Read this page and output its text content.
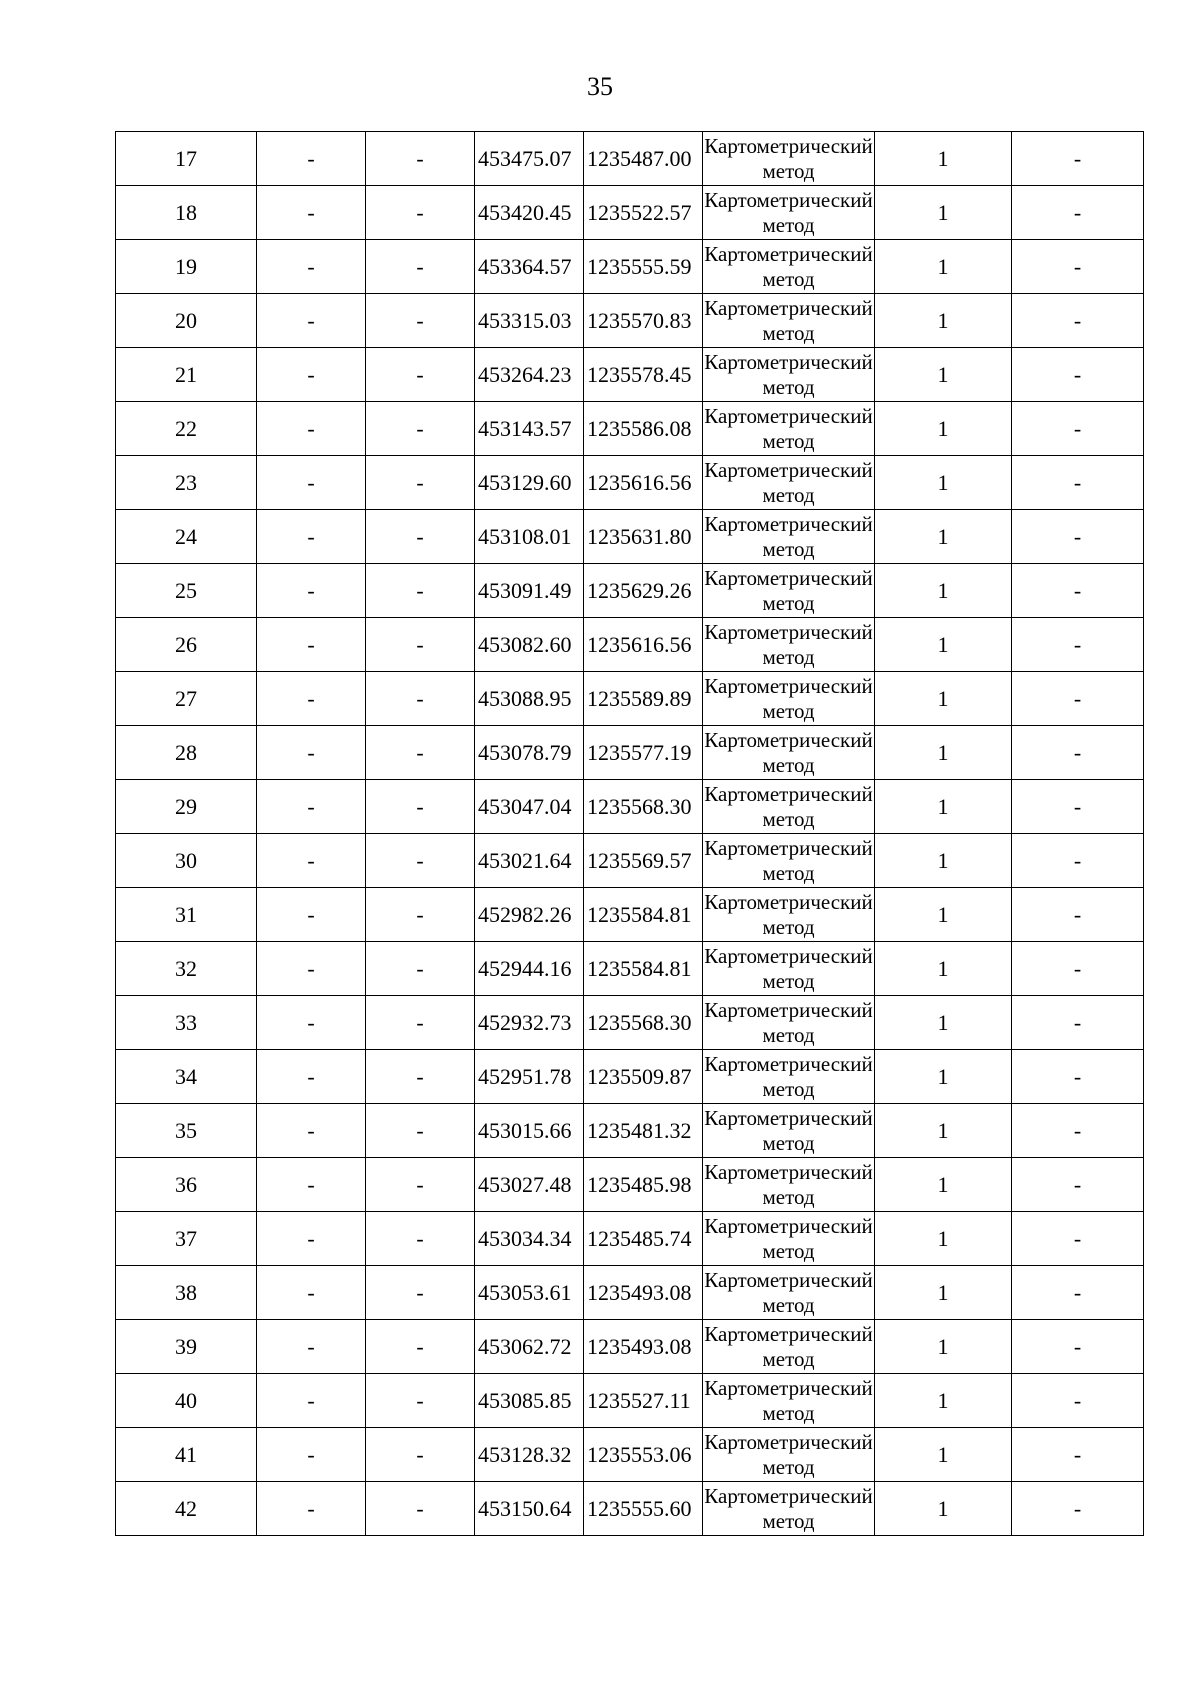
35
17	-	-	453475.07	1235487.00	Картометрический метод	1	-
18	-	-	453420.45	1235522.57	Картометрический метод	1	-
19	-	-	453364.57	1235555.59	Картометрический метод	1	-
20	-	-	453315.03	1235570.83	Картометрический метод	1	-
21	-	-	453264.23	1235578.45	Картометрический метод	1	-
22	-	-	453143.57	1235586.08	Картометрический метод	1	-
23	-	-	453129.60	1235616.56	Картометрический метод	1	-
24	-	-	453108.01	1235631.80	Картометрический метод	1	-
25	-	-	453091.49	1235629.26	Картометрический метод	1	-
26	-	-	453082.60	1235616.56	Картометрический метод	1	-
27	-	-	453088.95	1235589.89	Картометрический метод	1	-
28	-	-	453078.79	1235577.19	Картометрический метод	1	-
29	-	-	453047.04	1235568.30	Картометрический метод	1	-
30	-	-	453021.64	1235569.57	Картометрический метод	1	-
31	-	-	452982.26	1235584.81	Картометрический метод	1	-
32	-	-	452944.16	1235584.81	Картометрический метод	1	-
33	-	-	452932.73	1235568.30	Картометрический метод	1	-
34	-	-	452951.78	1235509.87	Картометрический метод	1	-
35	-	-	453015.66	1235481.32	Картометрический метод	1	-
36	-	-	453027.48	1235485.98	Картометрический метод	1	-
37	-	-	453034.34	1235485.74	Картометрический метод	1	-
38	-	-	453053.61	1235493.08	Картометрический метод	1	-
39	-	-	453062.72	1235493.08	Картометрический метод	1	-
40	-	-	453085.85	1235527.11	Картометрический метод	1	-
41	-	-	453128.32	1235553.06	Картометрический метод	1	-
42	-	-	453150.64	1235555.60	Картометрический метод	1	-
